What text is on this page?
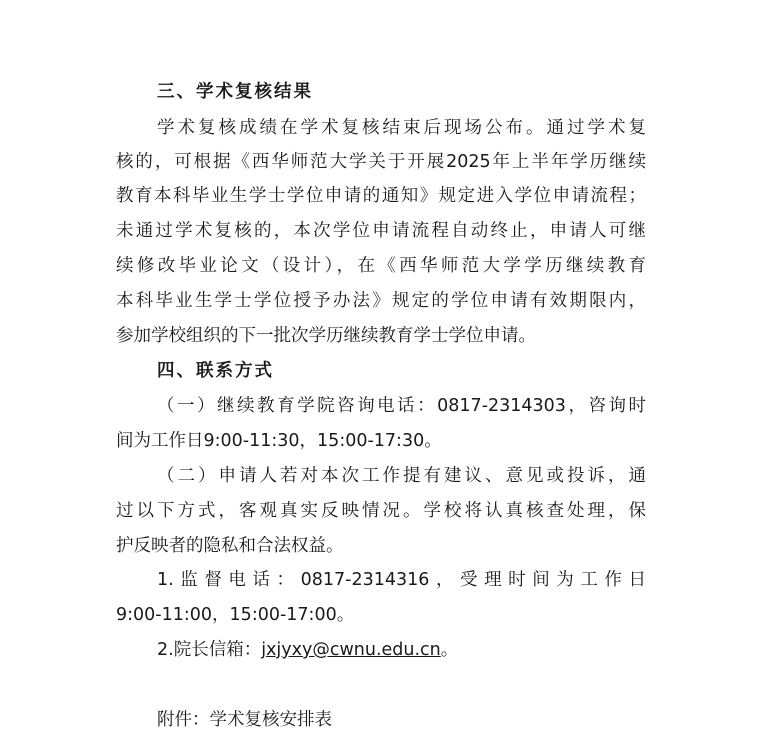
三、学术复核结果
学术复核成绩在学术复核结束后现场公布。通过学术复
核的，可根据《西华师范大学关于开展2025年上半年学历继续
教育本科毕业生学士学位申请的通知》规定进入学位申请流程；
未通过学术复核的，本次学位申请流程自动终止，申请人可继
续修改毕业论文（设计），在《西华师范大学学历继续教育
本科毕业生学士学位授予办法》规定的学位申请有效期限内，
参加学校组织的下一批次学历继续教育学士学位申请。
四、联系方式
（一）继续教育学院咨询电话：0817-2314303，咨询时
间为工作日9:00-11:30，15:00-17:30。
（二）申请人若对本次工作提有建议、意见或投诉，通
过以下方式，客观真实反映情况。学校将认真核查处理，保
护反映者的隐私和合法权益。
1.监督电话：0817-2314316，受理时间为工作日
9:00-11:00，15:00-17:00。
2.院长信箱：jxjyxy@cwnu.edu.cn。
附件：学术复核安排表
